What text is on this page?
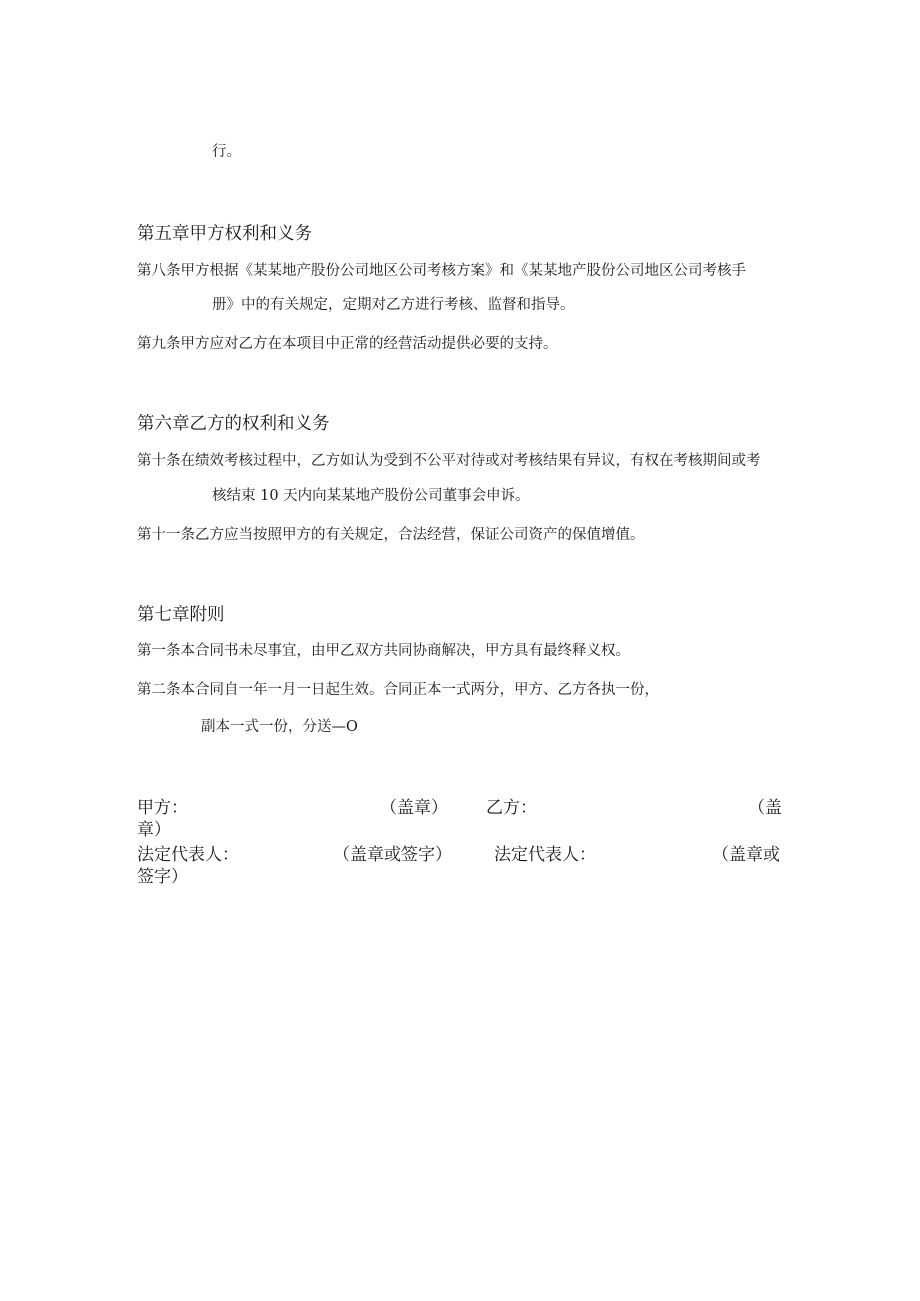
行。
第五章甲方权利和义务
第八条甲方根据《某某地产股份公司地区公司考核方案》和《某某地产股份公司地区公司考核手
册》中的有关规定，定期对乙方进行考核、监督和指导。
第九条甲方应对乙方在本项目中正常的经营活动提供必要的支持。
第六章乙方的权利和义务
第十条在绩效考核过程中，乙方如认为受到不公平对待或对考核结果有异议，有权在考核期间或考
核结束 10 天内向某某地产股份公司董事会申诉。
第十一条乙方应当按照甲方的有关规定，合法经营，保证公司资产的保值增值。
第七章附则
第一条本合同书未尽事宜，由甲乙双方共同协商解决，甲方具有最终释义权。
第二条本合同自一年一月一日起生效。合同正本一式两分，甲方、乙方各执一份，
副本一式一份，分送—O
甲方：	（盖章） 乙方：	（盖
章）
法定代表人：	（盖章或签字） 法定代表人：	（盖章或
签字）
